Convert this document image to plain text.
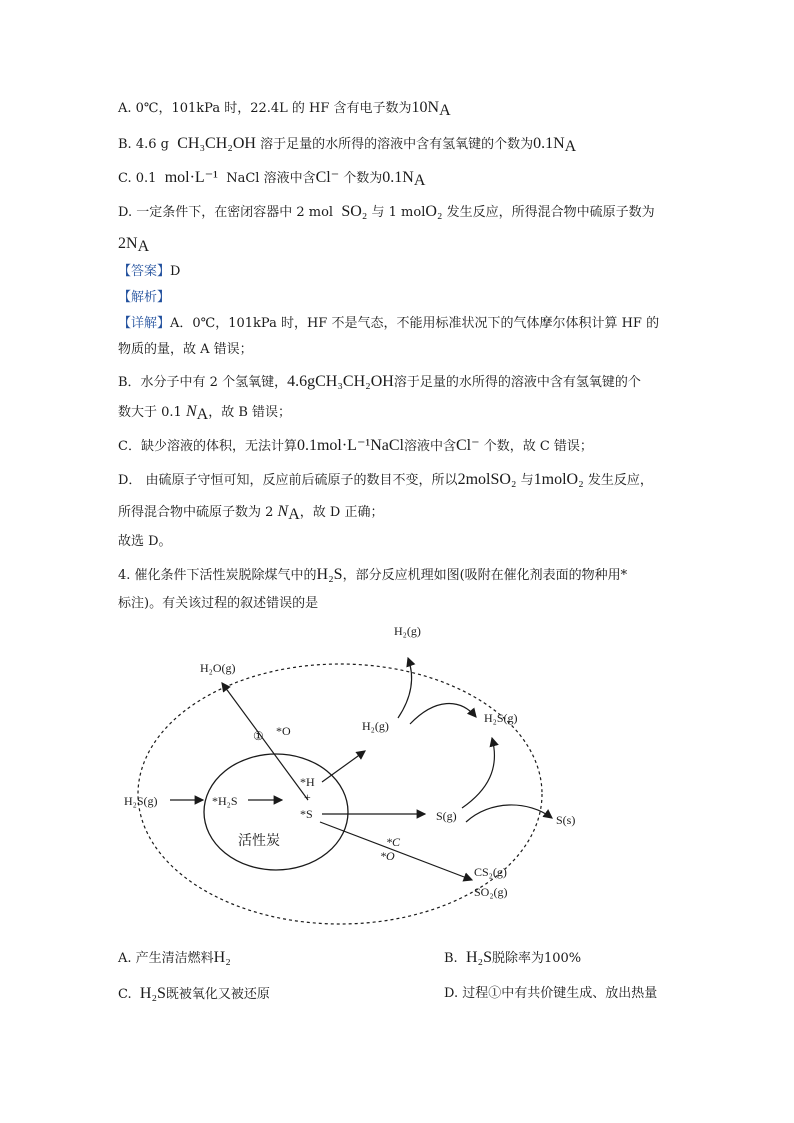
A. 0℃，101kPa 时，22.4L 的 HF 含有电子数为$10N_A$
B. 4.6 g CH₃CH₂OH 溶于足量的水所得的溶液中含有氢氧键的个数为$0.1N_A$
C. 0.1 mol·L⁻¹ NaCl 溶液中含Cl⁻ 个数为$0.1N_A$
D. 一定条件下，在密闭容器中 2 mol SO₂ 与 1 molO₂ 发生反应，所得混合物中硫原子数为
$2N_A$
【答案】D
【解析】
【详解】A．0℃，101kPa 时，HF 不是气态，不能用标准状况下的气体摩尔体积计算 HF 的
物质的量，故 A 错误；
B．水分子中有 2 个氢氧键，4.6gCH₃CH₂OH溶于足量的水所得的溶液中含有氢氧键的个
数大于 0.1 $N_A$，故 B 错误；
C．缺少溶液的体积，无法计算0.1mol·L⁻¹NaCl溶液中含Cl⁻ 个数，故 C 错误；
D． 由硫原子守恒可知，反应前后硫原子的数目不变，所以2molSO₂ 与1molO₂ 发生反应，
所得混合物中硫原子数为 2 $N_A$，故 D 正确；
故选 D。
4. 催化条件下活性炭脱除煤气中的H₂S，部分反应机理如图(吸附在催化剂表面的物种用*
标注)。有关该过程的叙述错误的是
H₂O(g)
*O
①
H₂(g)
H₂(g)
H₂S(g)
H₂S(g)	*H₂S
*H
+
*S
活性炭
S(g)	S(s)
*C
*O
CS₂(g)
SO₂(g)
A. 产生清洁燃料H₂	B. H₂S脱除率为100%
C. H₂S既被氧化又被还原	D. 过程①中有共价键生成、放出热量
